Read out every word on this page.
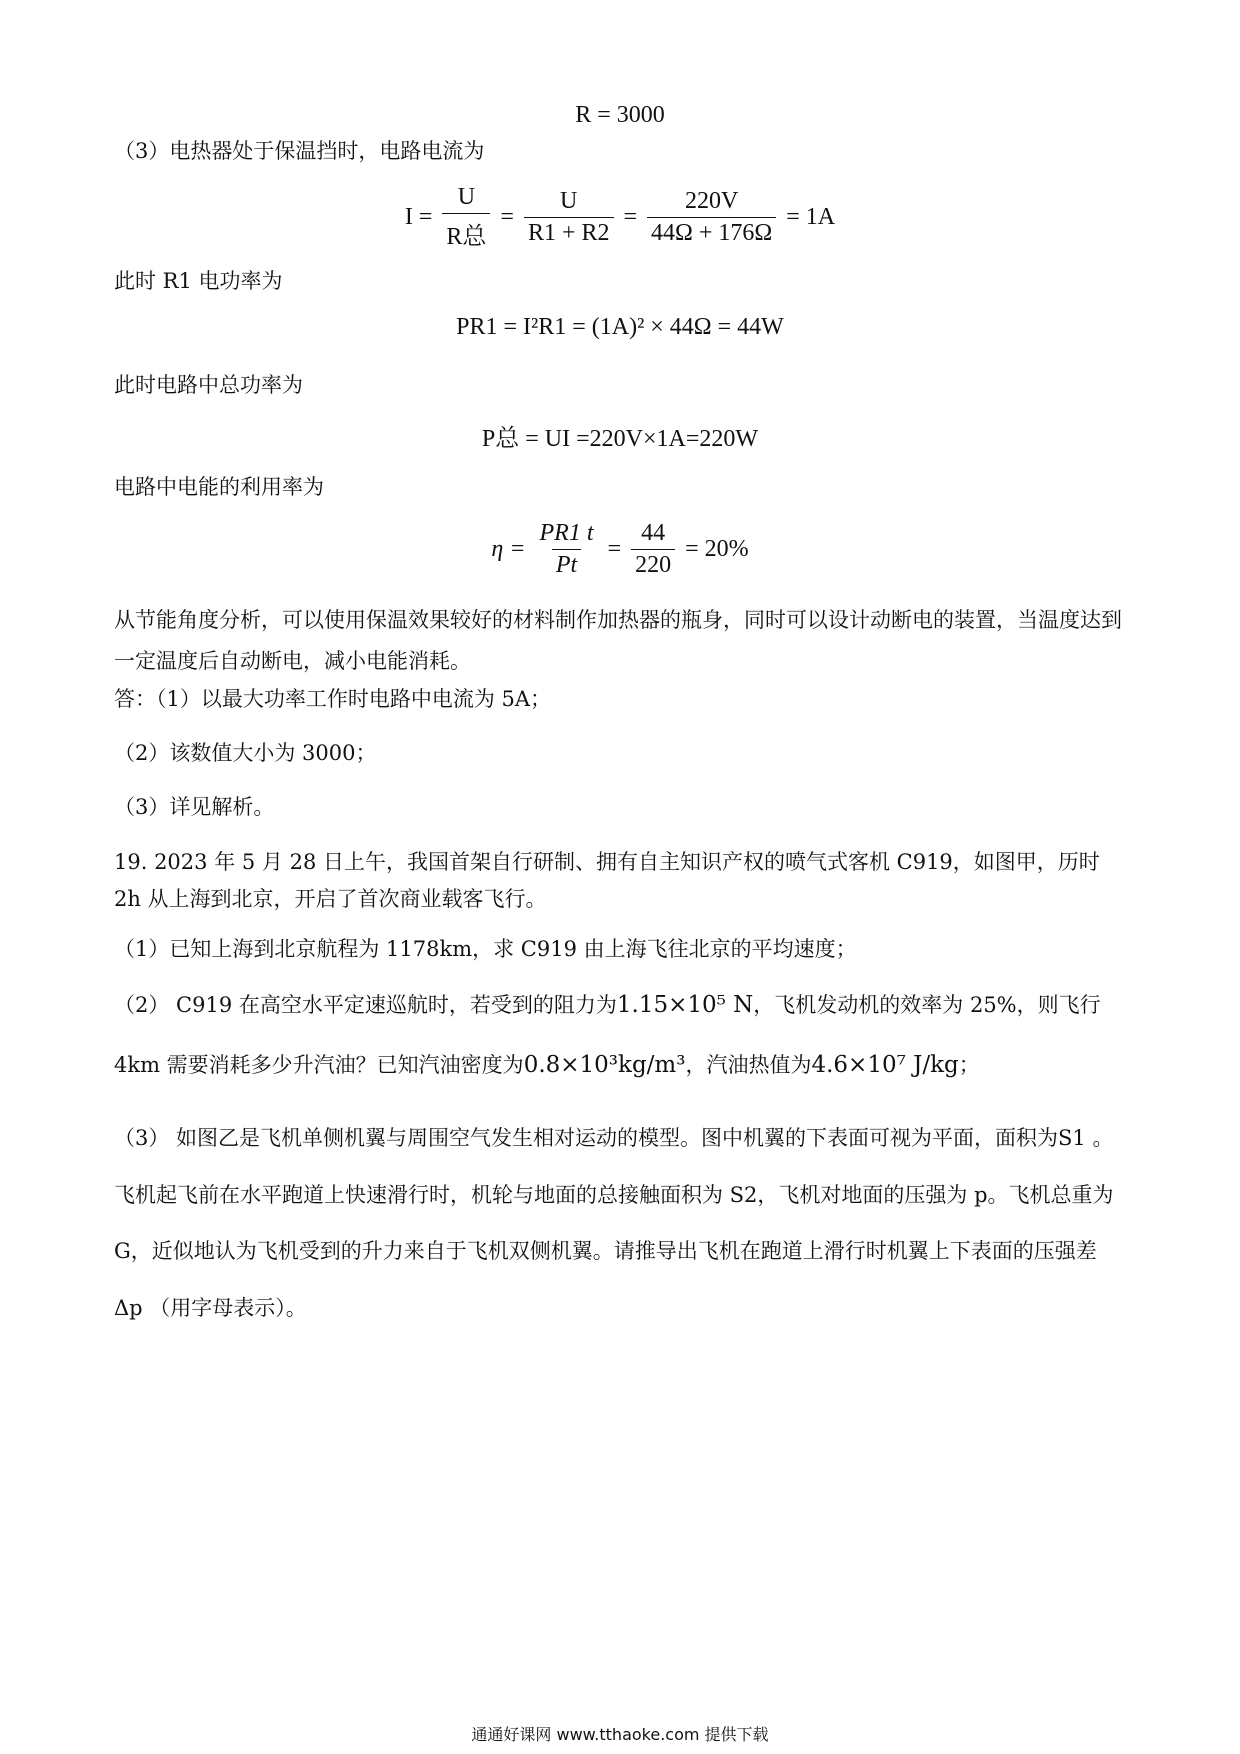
R = 3000
（3）电热器处于保温挡时，电路电流为
$I = \frac{U}{\text{R总}} = \frac{U}{R1 + R2} = \frac{220V}{44\Omega + 176\Omega} = 1A$
此时 R1 电功率为
PR1 = I²R1 = (1A)² × 44Ω = 44W
此时电路中总功率为
P总 = UI =220V×1A=220W
电路中电能的利用率为
$\eta = \frac{PR1 t}{Pt} = \frac{44}{220} = 20\%$
从节能角度分析，可以使用保温效果较好的材料制作加热器的瓶身，同时可以设计动断电的装置，当温度达到一定温度后自动断电，减小电能消耗。
答：（1）以最大功率工作时电路中电流为 5A；
（2）该数值大小为 3000；
（3）详见解析。
19. 2023 年 5 月 28 日上午，我国首架自行研制、拥有自主知识产权的喷气式客机 C919，如图甲，历时 2h 从上海到北京，开启了首次商业载客飞行。
（1）已知上海到北京航程为 1178km，求 C919 由上海飞往北京的平均速度；
（2） C919 在高空水平定速巡航时，若受到的阻力为1.15×10⁵ N，飞机发动机的效率为 25%，则飞行
4km 需要消耗多少升汽油？已知汽油密度为0.8×10³kg/m³，汽油热值为4.6×10⁷ J/kg；
（3） 如图乙是飞机单侧机翼与周围空气发生相对运动的模型。图中机翼的下表面可视为平面，面积为S1 。飞机起飞前在水平跑道上快速滑行时，机轮与地面的总接触面积为 S2，飞机对地面的压强为 p。飞机总重为 G，近似地认为飞机受到的升力来自于飞机双侧机翼。请推导出飞机在跑道上滑行时机翼上下表面的压强差 Δp （用字母表示）。
通通好课网 www.tthaoke.com 提供下载
